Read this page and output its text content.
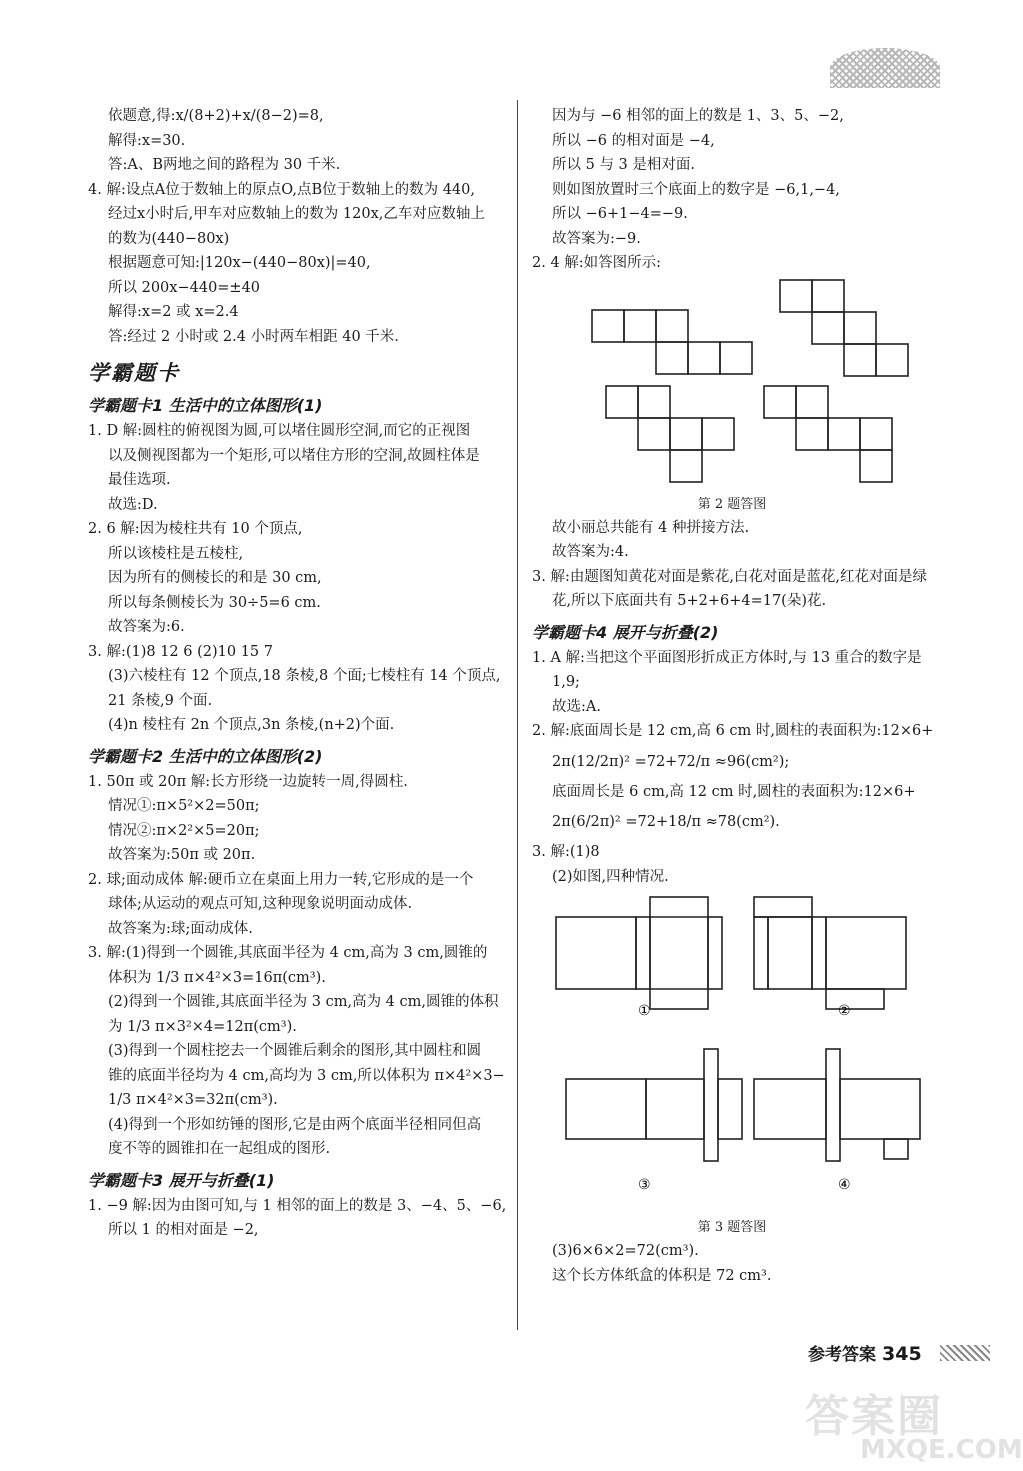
依题意,得:x/(8+2)+x/(8−2)=8,
解得:x=30.
答:A、B两地之间的路程为 30 千米.
4. 解:设点A位于数轴上的原点O,点B位于数轴上的数为 440,
经过x小时后,甲车对应数轴上的数为 120x,乙车对应数轴上
的数为(440−80x)
根据题意可知:|120x−(440−80x)|=40,
所以 200x−440=±40
解得:x=2 或 x=2.4
答:经过 2 小时或 2.4 小时两车相距 40 千米.
学霸题卡
学霸题卡1 生活中的立体图形(1)
1. D 解:圆柱的俯视图为圆,可以堵住圆形空洞,而它的正视图
以及侧视图都为一个矩形,可以堵住方形的空洞,故圆柱体是
最佳选项.
故选:D.
2. 6 解:因为棱柱共有 10 个顶点,
所以该棱柱是五棱柱,
因为所有的侧棱长的和是 30 cm,
所以每条侧棱长为 30÷5=6 cm.
故答案为:6.
3. 解:(1)8 12 6 (2)10 15 7
(3)六棱柱有 12 个顶点,18 条棱,8 个面;七棱柱有 14 个顶点,
21 条棱,9 个面.
(4)n 棱柱有 2n 个顶点,3n 条棱,(n+2)个面.
学霸题卡2 生活中的立体图形(2)
1. 50π 或 20π 解:长方形绕一边旋转一周,得圆柱.
情况①:π×5²×2=50π;
情况②:π×2²×5=20π;
故答案为:50π 或 20π.
2. 球;面动成体 解:硬币立在桌面上用力一转,它形成的是一个
球体;从运动的观点可知,这种现象说明面动成体.
故答案为:球;面动成体.
3. 解:(1)得到一个圆锥,其底面半径为 4 cm,高为 3 cm,圆锥的
体积为 1/3 π×4²×3=16π(cm³).
(2)得到一个圆锥,其底面半径为 3 cm,高为 4 cm,圆锥的体积
为 1/3 π×3²×4=12π(cm³).
(3)得到一个圆柱挖去一个圆锥后剩余的图形,其中圆柱和圆
锥的底面半径均为 4 cm,高均为 3 cm,所以体积为 π×4²×3−
1/3 π×4²×3=32π(cm³).
(4)得到一个形如纺锤的图形,它是由两个底面半径相同但高
度不等的圆锥扣在一起组成的图形.
学霸题卡3 展开与折叠(1)
1. −9 解:因为由图可知,与 1 相邻的面上的数是 3、−4、5、−6,
所以 1 的相对面是 −2,
因为与 −6 相邻的面上的数是 1、3、5、−2,
所以 −6 的相对面是 −4,
所以 5 与 3 是相对面.
则如图放置时三个底面上的数字是 −6,1,−4,
所以 −6+1−4=−9.
故答案为:−9.
2. 4 解:如答图所示:
第 2 题答图
故小丽总共能有 4 种拼接方法.
故答案为:4.
3. 解:由题图知黄花对面是紫花,白花对面是蓝花,红花对面是绿
花,所以下底面共有 5+2+6+4=17(朵)花.
学霸题卡4 展开与折叠(2)
1. A 解:当把这个平面图形折成正方体时,与 13 重合的数字是
1,9;
故选:A.
2. 解:底面周长是 12 cm,高 6 cm 时,圆柱的表面积为:12×6+
2π(12/2π)² =72+72/π ≈96(cm²);
底面周长是 6 cm,高 12 cm 时,圆柱的表面积为:12×6+
2π(6/2π)² =72+18/π ≈78(cm²).
3. 解:(1)8
(2)如图,四种情况.
①	②
③	④
第 3 题答图
(3)6×6×2=72(cm³).
这个长方体纸盒的体积是 72 cm³.
参考答案 345
答案圈
MXQE.COM
